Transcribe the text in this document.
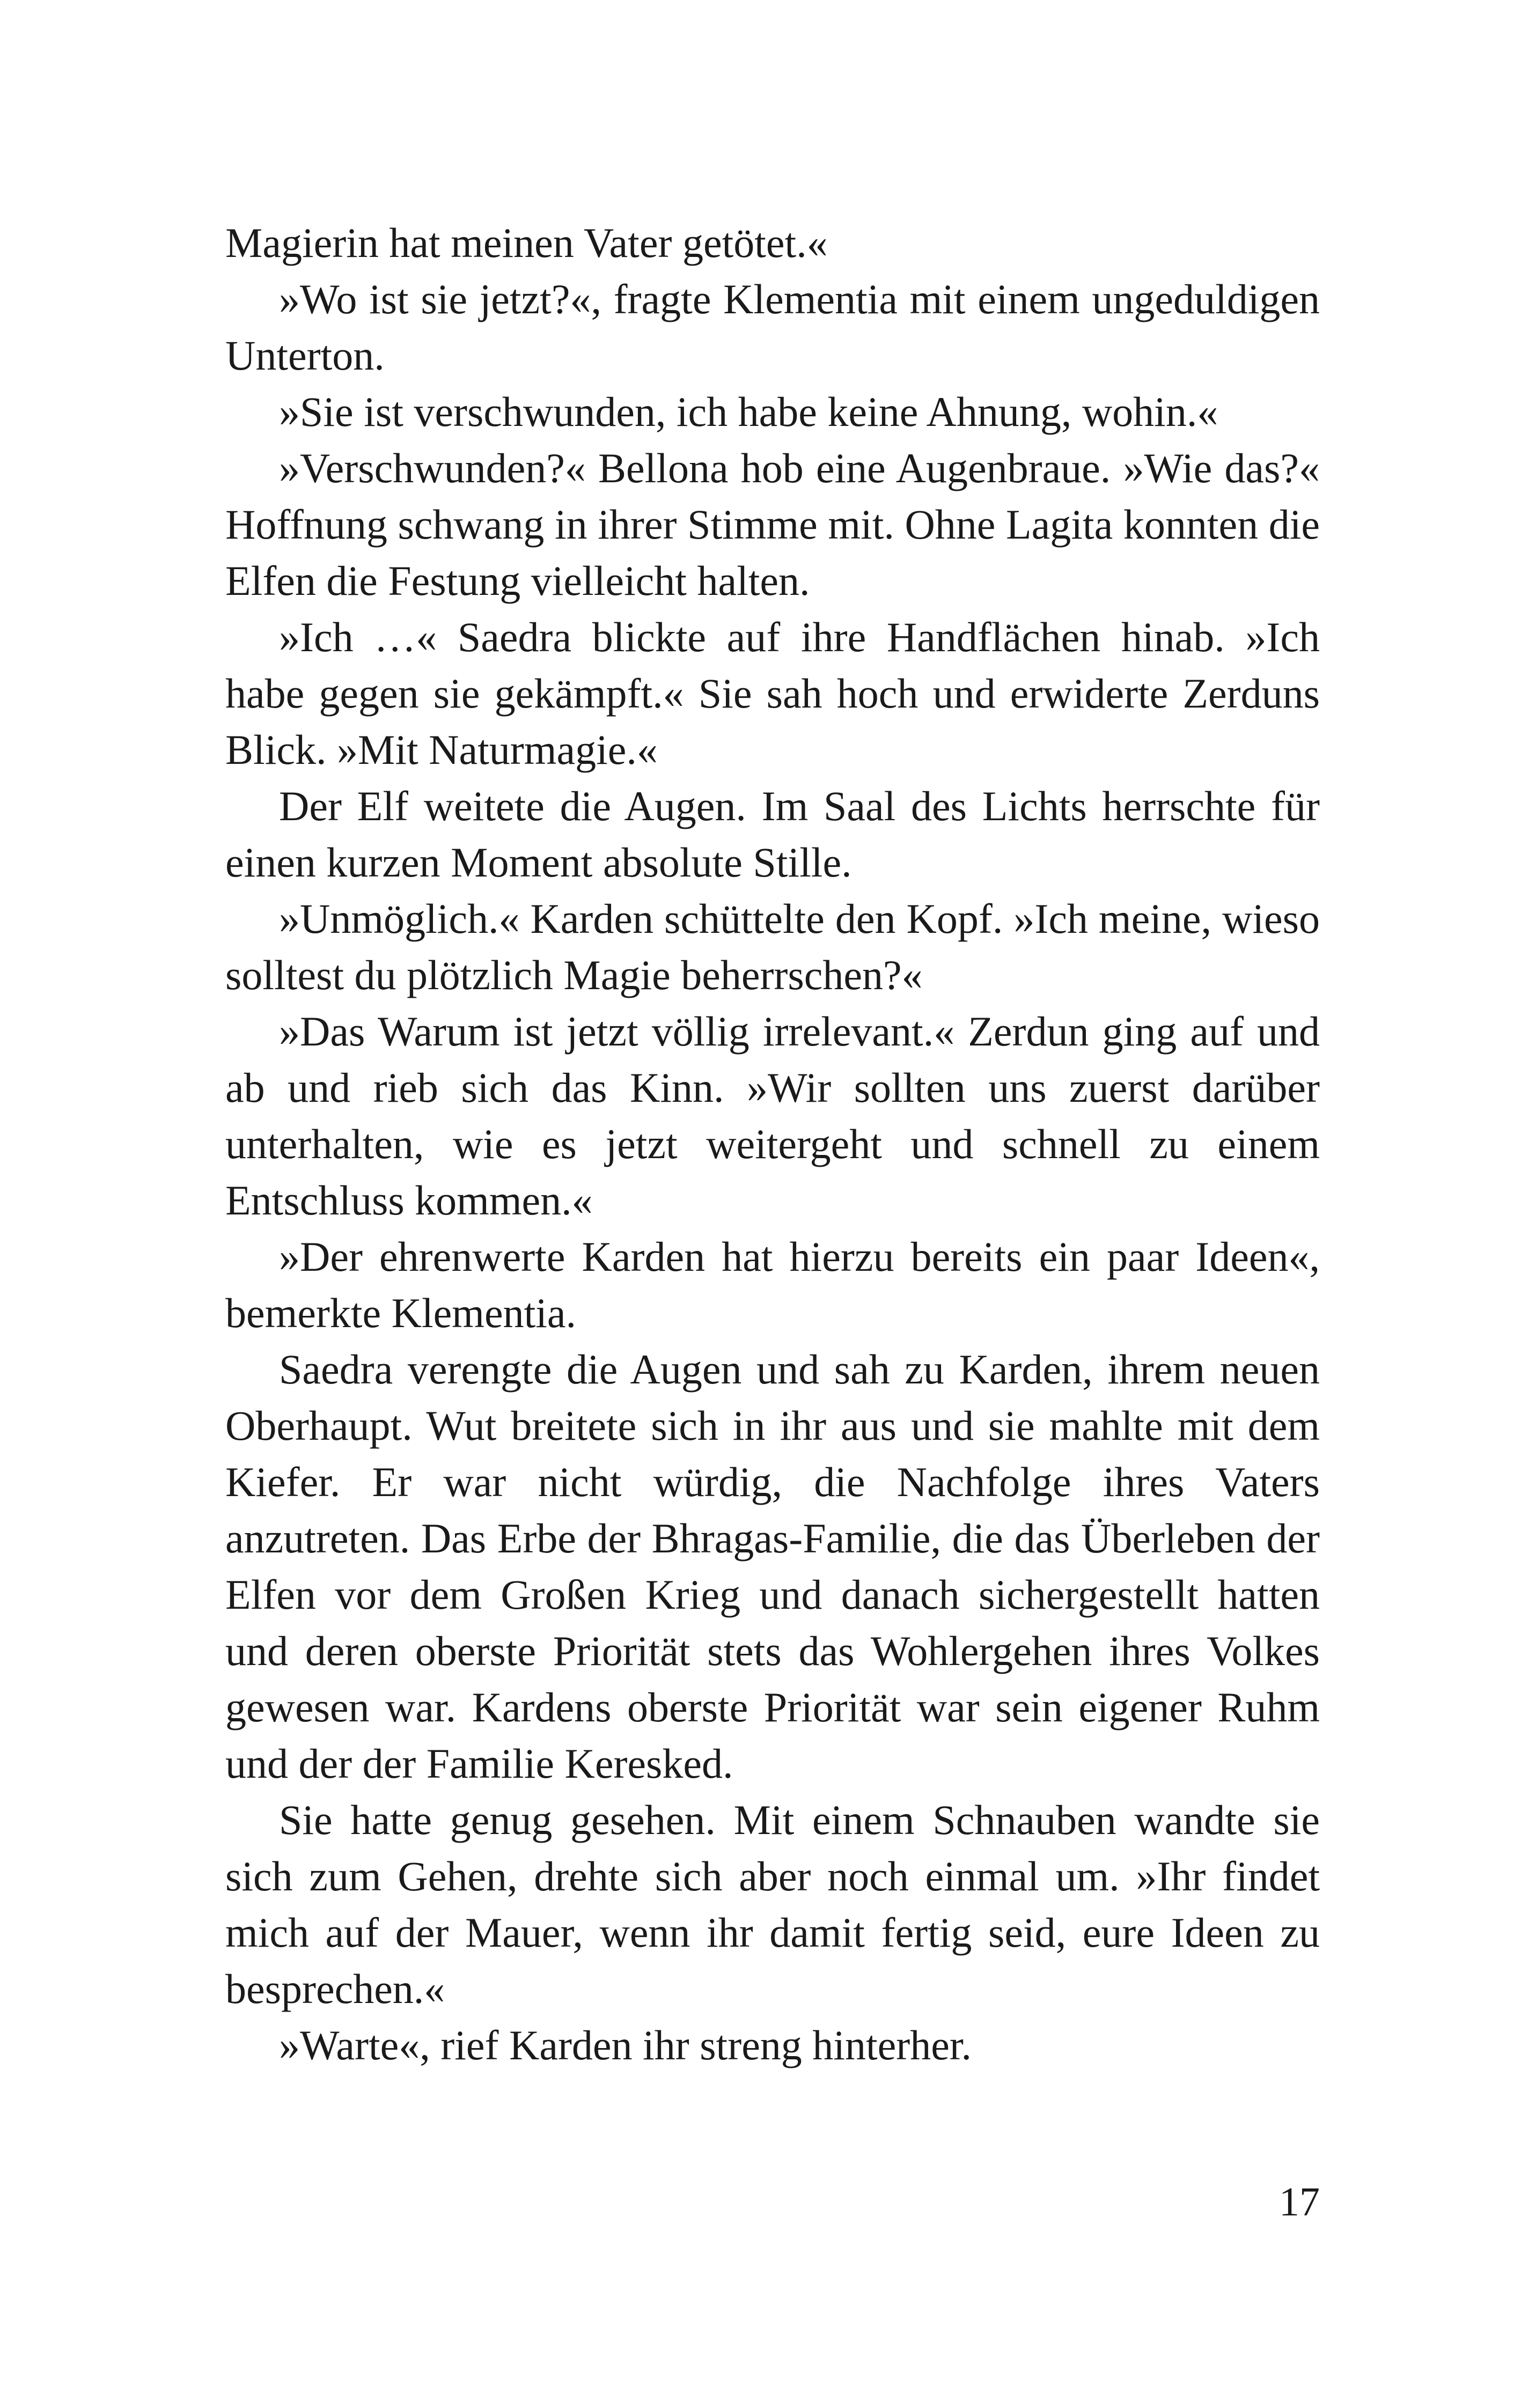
Magierin hat meinen Vater getötet.«

»Wo ist sie jetzt?«, fragte Klementia mit einem ungeduldigen Unterton.

»Sie ist verschwunden, ich habe keine Ahnung, wohin.«

»Verschwunden?« Bellona hob eine Augenbraue. »Wie das?« Hoffnung schwang in ihrer Stimme mit. Ohne Lagita konnten die Elfen die Festung vielleicht halten.

»Ich …« Saedra blickte auf ihre Handflächen hinab. »Ich habe gegen sie gekämpft.« Sie sah hoch und erwiderte Zerduns Blick. »Mit Naturmagie.«

Der Elf weitete die Augen. Im Saal des Lichts herrschte für einen kurzen Moment absolute Stille.

»Unmöglich.« Karden schüttelte den Kopf. »Ich meine, wieso solltest du plötzlich Magie beherrschen?«

»Das Warum ist jetzt völlig irrelevant.« Zerdun ging auf und ab und rieb sich das Kinn. »Wir sollten uns zuerst darüber unterhalten, wie es jetzt weitergeht und schnell zu einem Entschluss kommen.«

»Der ehrenwerte Karden hat hierzu bereits ein paar Ideen«, bemerkte Klementia.

Saedra verengte die Augen und sah zu Karden, ihrem neuen Oberhaupt. Wut breitete sich in ihr aus und sie mahlte mit dem Kiefer. Er war nicht würdig, die Nachfolge ihres Vaters anzutreten. Das Erbe der Bhragas-Familie, die das Überleben der Elfen vor dem Großen Krieg und danach sichergestellt hatten und deren oberste Priorität stets das Wohlergehen ihres Volkes gewesen war. Kardens oberste Priorität war sein eigener Ruhm und der der Familie Keresked.

Sie hatte genug gesehen. Mit einem Schnauben wandte sie sich zum Gehen, drehte sich aber noch einmal um. »Ihr findet mich auf der Mauer, wenn ihr damit fertig seid, eure Ideen zu besprechen.«

»Warte«, rief Karden ihr streng hinterher.

17
